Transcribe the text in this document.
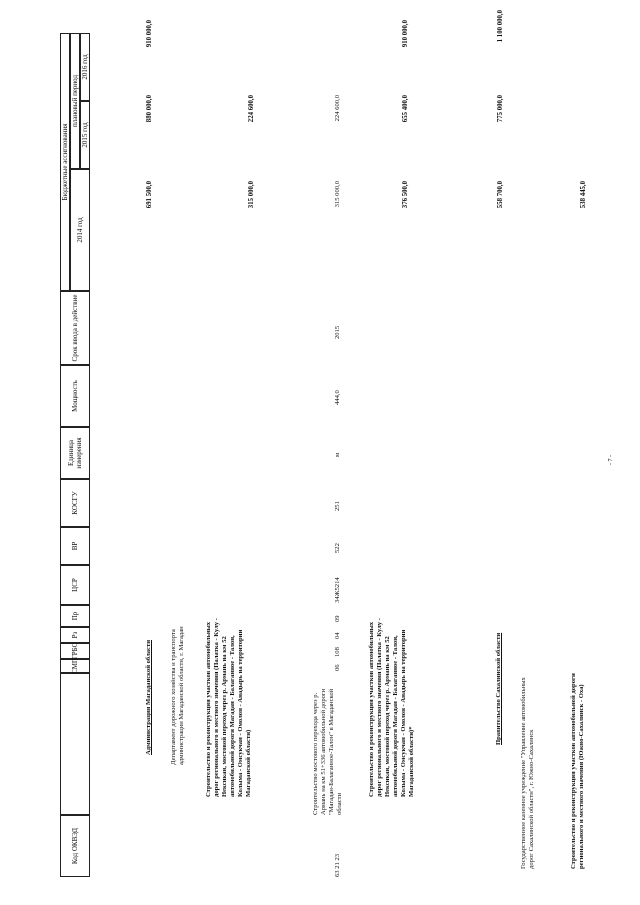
Код ОКВЭД
СМП
ГРБС
Рз
Пр
ЦСР
ВР
КОСГУ
Единица измерения
Мощность
Срок ввода в действие
Бюджетные ассигнования
2014 год
плановый период
2015 год
2016 год
Администрация Магаданской области
691 500,0
880 000,0
910 000,0
Департамент дорожного хозяйства и транспорта администрации Магаданской области, г. Магадан	Строительство и реконструкция участков автомобильных дорог регионального и местного значения (Палатка - Кулу - Нексикан, мостовой переход через р. Армань на км 52 автомобильной дороги Магадан - Балаганное - Талон, Колыма - Омсукчан - Омолон - Анадырь на территории Магаданской области)
315 000,0
224 600,0
63 21 23
Строительство мостового перехода через р. Армань на км 51+336 автомобильной дороги "Магадан-Балаганное-Талон" в Магаданской области
06
108
04
09
34Ж5214
522
251
м
444,0
2015
315 000,0
224 600,0
Строительство и реконструкция участков автомобильных дорог регионального и местного значения (Палатка - Кулу - Нексикан, мостовой переход через р. Армань на км 52 автомобильной дороги Магадан - Балаганное - Талон, Колыма - Омсукчан - Омолон - Анадырь на территории Магаданской области)*
376 500,0
655 400,0
910 000,0
Правительство Сахалинской области
558 700,0
775 000,0
1 100 000,0
Государственное казенное учреждение "Управление автомобильных дорог Сахалинской области", г. Южно-Сахалинск	Строительство и реконструкция участков автомобильной дороги регионального и местного значения (Южно-Сахалинск - Оха)
538 445,0
- 7 -
